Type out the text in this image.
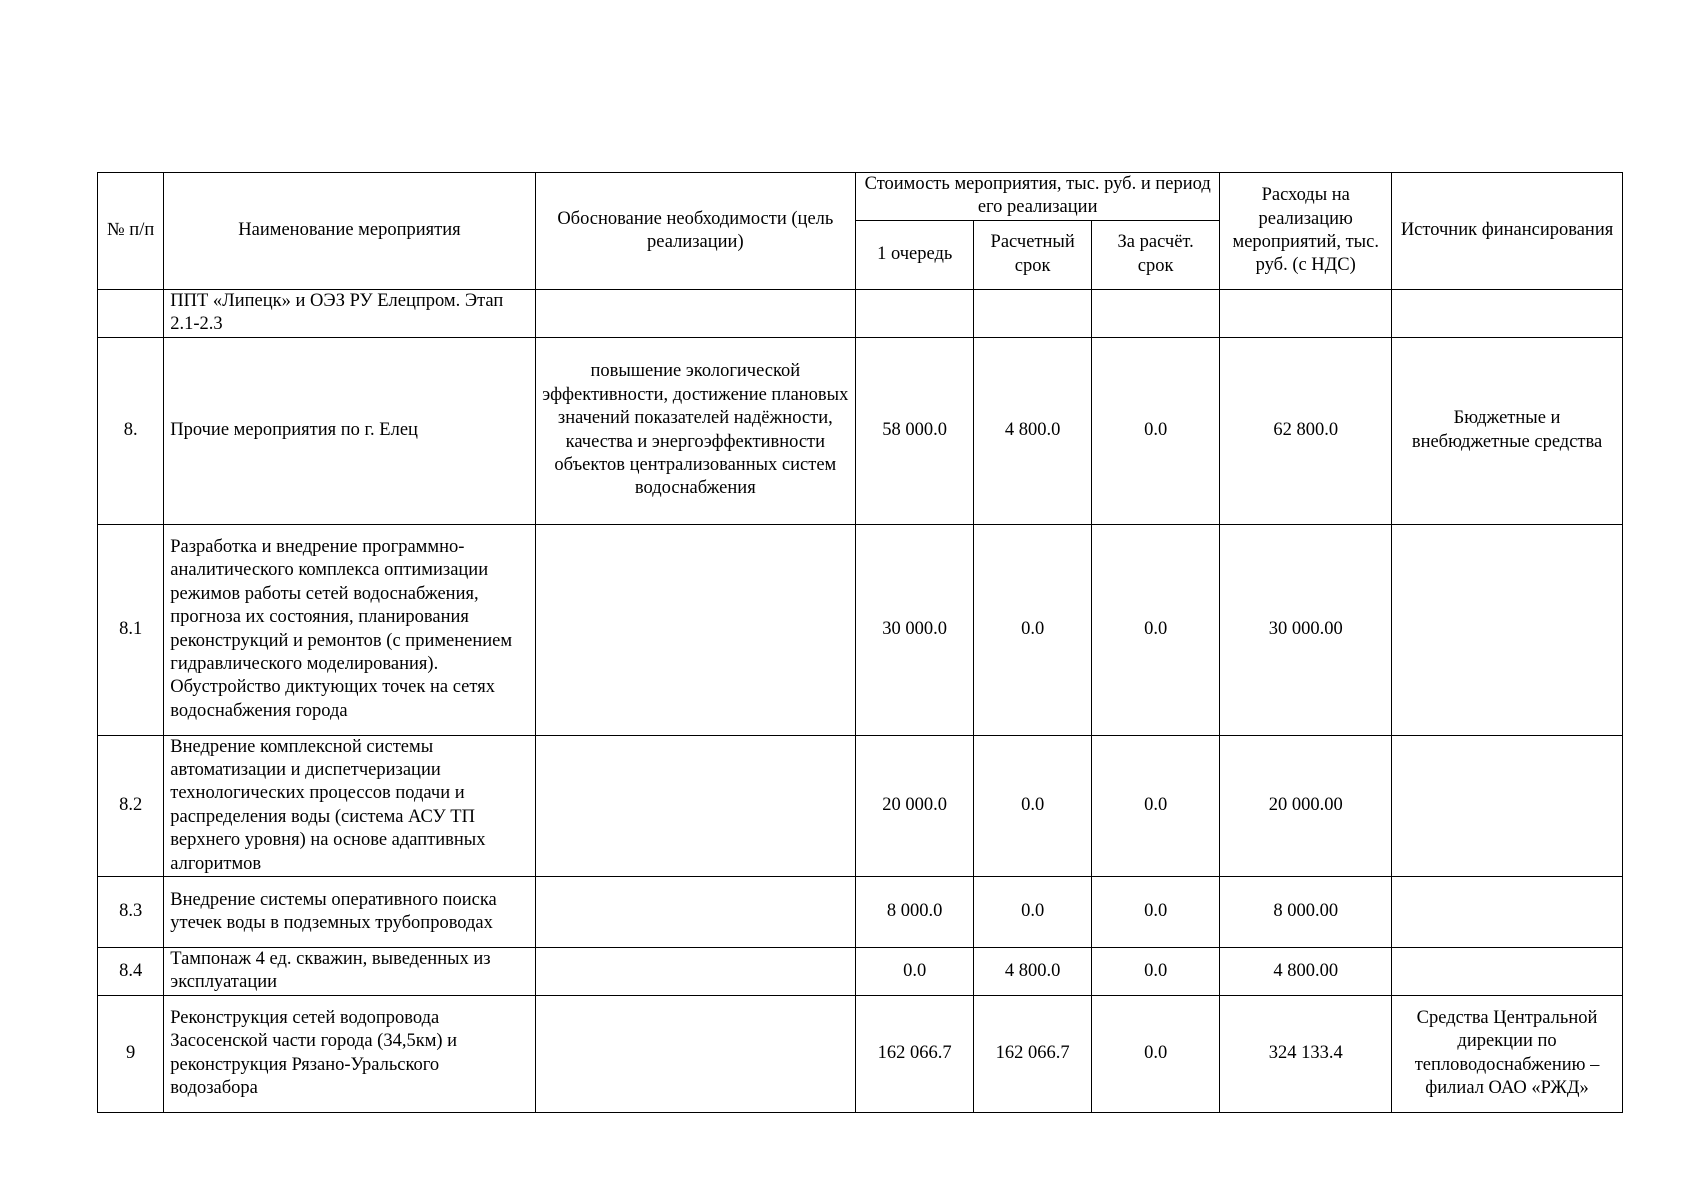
№ п/п	Наименование мероприятия	Обоснование необходимости (цель реализации)	Стоимость мероприятия, тыс. руб. и период его реализации			Расходы на реализацию мероприятий, тыс. руб. (с НДС)	Источник финансирования
			1 очередь	Расчетный срок	За расчёт. срок		
	ППТ «Липецк» и ОЭЗ РУ Елецпром. Этап 2.1-2.3						
8.	Прочие мероприятия по г. Елец	повышение экологической эффективности, достижение плановых значений показателей надёжности, качества и энергоэффективности объектов централизованных систем водоснабжения	58 000.0	4 800.0	0.0	62 800.0	Бюджетные и внебюджетные средства
8.1	Разработка и внедрение программно-аналитического комплекса оптимизации режимов работы сетей водоснабжения, прогноза их состояния, планирования реконструкций и ремонтов (с применением гидравлического моделирования). Обустройство диктующих точек на сетях водоснабжения города		30 000.0	0.0	0.0	30 000.00	
8.2	Внедрение комплексной системы автоматизации и диспетчеризации технологических процессов подачи и распределения воды (система АСУ ТП верхнего уровня) на основе адаптивных алгоритмов		20 000.0	0.0	0.0	20 000.00	
8.3	Внедрение системы оперативного поиска утечек воды в подземных трубопроводах		8 000.0	0.0	0.0	8 000.00	
8.4	Тампонаж 4 ед. скважин, выведенных из эксплуатации		0.0	4 800.0	0.0	4 800.00	
9	Реконструкция сетей водопровода Засосенской части города (34,5км) и реконструкция Рязано-Уральского водозабора		162 066.7	162 066.7	0.0	324 133.4	Средства Центральной дирекции по тепловодоснабжению – филиал ОАО «РЖД»
